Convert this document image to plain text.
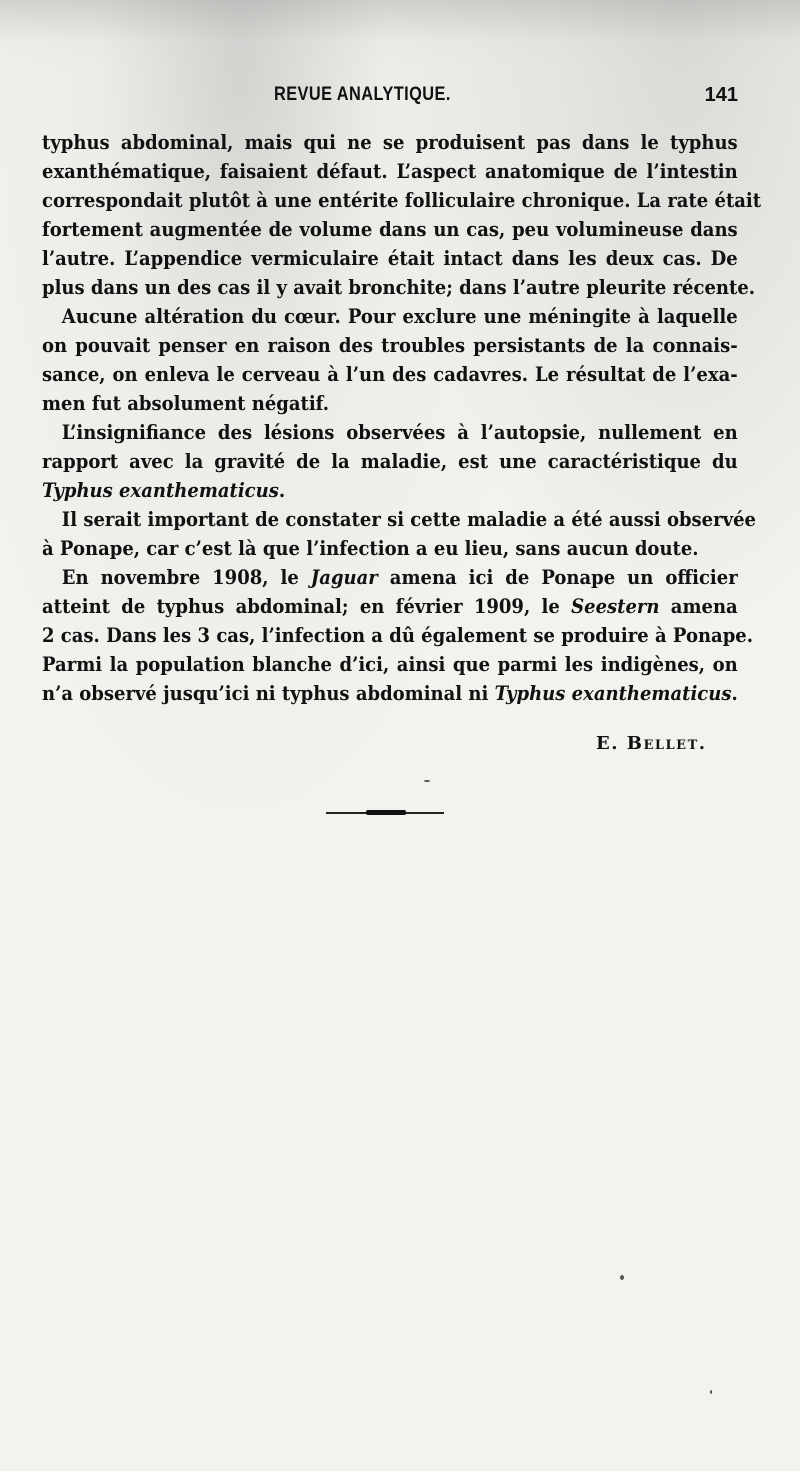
REVUE ANALYTIQUE.	141
typhus abdominal, mais qui ne se produisent pas dans le typhus
exanthématique, faisaient défaut. L’aspect anatomique de l’intestin
correspondait plutôt à une entérite folliculaire chronique. La rate était
fortement augmentée de volume dans un cas, peu volumineuse dans
l’autre. L’appendice vermiculaire était intact dans les deux cas. De
plus dans un des cas il y avait bronchite; dans l’autre pleurite récente.
Aucune altération du cœur. Pour exclure une méningite à laquelle
on pouvait penser en raison des troubles persistants de la connais-
sance, on enleva le cerveau à l’un des cadavres. Le résultat de l’exa-
men fut absolument négatif.
L’insignifiance des lésions observées à l’autopsie, nullement en
rapport avec la gravité de la maladie, est une caractéristique du
Typhus exanthematicus.
Il serait important de constater si cette maladie a été aussi observée
à Ponape, car c’est là que l’infection a eu lieu, sans aucun doute.
En novembre 1908, le Jaguar amena ici de Ponape un officier
atteint de typhus abdominal; en février 1909, le Seestern amena
2 cas. Dans les 3 cas, l’infection a dû également se produire à Ponape.
Parmi la population blanche d’ici, ainsi que parmi les indigènes, on
n’a observé jusqu’ici ni typhus abdominal ni Typhus exanthematicus.
E. Bellet.
